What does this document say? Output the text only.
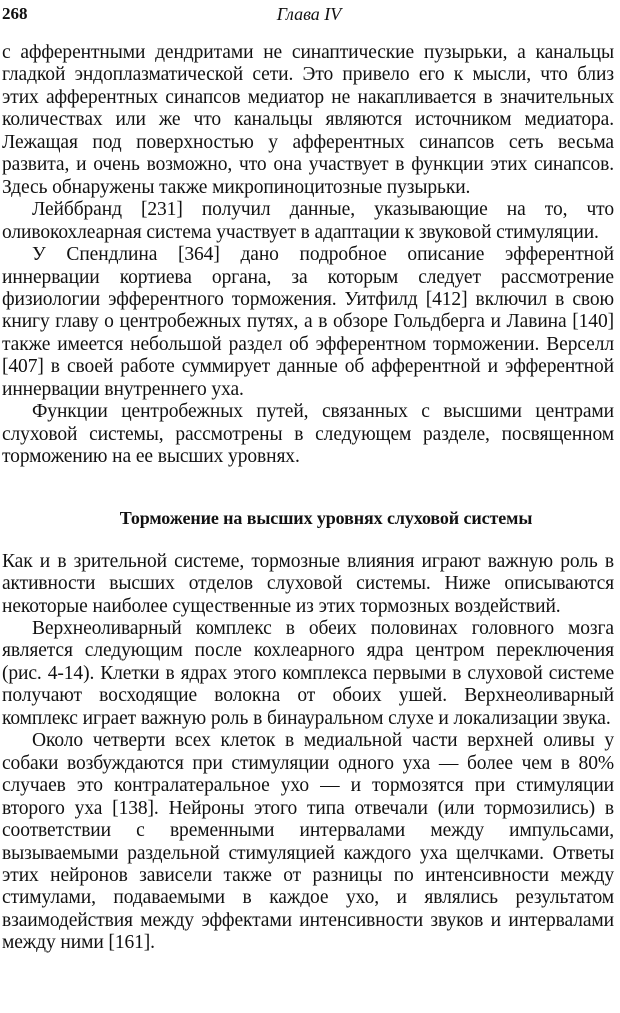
268	Глава IV

с афферентными дендритами не синаптические пузырьки, а канальцы гладкой эндоплазматической сети. Это привело его к мысли, что близ этих афферентных синапсов медиатор не накапливается в значительных количествах или же что канальцы являются источником медиатора. Лежащая под поверхностью у афферентных синапсов сеть весьма развита, и очень возможно, что она участвует в функции этих синапсов. Здесь обнаружены также микропиноцитозные пузырьки.

Лейббранд [231] получил данные, указывающие на то, что оливокохлеарная система участвует в адаптации к звуковой стимуляции.

У Спендлина [364] дано подробное описание эфферентной иннервации кортиева органа, за которым следует рассмотрение физиологии эфферентного торможения. Уитфилд [412] включил в свою книгу главу о центробежных путях, а в обзоре Гольдберга и Лавина [140] также имеется небольшой раздел об эфферентном торможении. Верселл [407] в своей работе суммирует данные об афферентной и эфферентной иннервации внутреннего уха.

Функции центробежных путей, связанных с высшими центрами слуховой системы, рассмотрены в следующем разделе, посвященном торможению на ее высших уровнях.

Торможение на высших уровнях слуховой системы

Как и в зрительной системе, тормозные влияния играют важную роль в активности высших отделов слуховой системы. Ниже описываются некоторые наиболее существенные из этих тормозных воздействий.

Верхнеоливарный комплекс в обеих половинах головного мозга является следующим после кохлеарного ядра центром переключения (рис. 4-14). Клетки в ядрах этого комплекса первыми в слуховой системе получают восходящие волокна от обоих ушей. Верхнеоливарный комплекс играет важную роль в бинауральном слухе и локализации звука.

Около четверти всех клеток в медиальной части верхней оливы у собаки возбуждаются при стимуляции одного уха — более чем в 80% случаев это контралатеральное ухо — и тормозятся при стимуляции второго уха [138]. Нейроны этого типа отвечали (или тормозились) в соответствии с временными интервалами между импульсами, вызываемыми раздельной стимуляцией каждого уха щелчками. Ответы этих нейронов зависели также от разницы по интенсивности между стимулами, подаваемыми в каждое ухо, и являлись результатом взаимодействия между эффектами интенсивности звуков и интервалами между ними [161].
